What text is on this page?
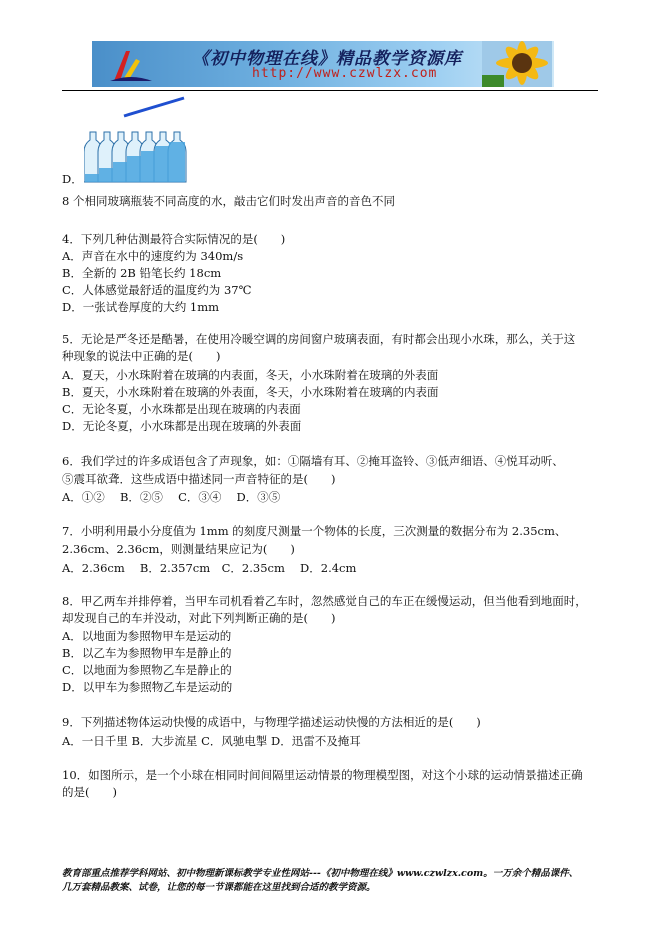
《初中物理在线》精品教学资源库
http://www.czwlzx.com
D．
8 个相同玻璃瓶装不同高度的水，敲击它们时发出声音的音色不同
4．下列几种估测最符合实际情况的是(　　)
A．声音在水中的速度约为 340m/s
B．全新的 2B 铅笔长约 18cm
C．人体感觉最舒适的温度约为 37℃
D．一张试卷厚度的大约 1mm
5．无论是严冬还是酷暑，在使用冷暖空调的房间窗户玻璃表面，有时都会出现小水珠，那么，关于这
种现象的说法中正确的是(　　)
A．夏天，小水珠附着在玻璃的内表面，冬天，小水珠附着在玻璃的外表面
B．夏天，小水珠附着在玻璃的外表面，冬天，小水珠附着在玻璃的内表面
C．无论冬夏，小水珠都是出现在玻璃的内表面
D．无论冬夏，小水珠都是出现在玻璃的外表面
6．我们学过的许多成语包含了声现象，如：①隔墙有耳、②掩耳盗铃、③低声细语、④悦耳动听、
⑤震耳欲聋．这些成语中描述同一声音特征的是(　　)
A．①②　 B．②⑤　 C．③④　 D．③⑤
7．小明利用最小分度值为 1mm 的刻度尺测量一个物体的长度，三次测量的数据分布为 2.35cm、
2.36cm、2.36cm，则测量结果应记为(　　)
A．2.36cm　 B．2.357cm　C．2.35cm　 D．2.4cm
8．甲乙两车并排停着，当甲车司机看着乙车时，忽然感觉自己的车正在缓慢运动，但当他看到地面时，
却发现自己的车并没动，对此下列判断正确的是(　　)
A．以地面为参照物甲车是运动的
B．以乙车为参照物甲车是静止的
C．以地面为参照物乙车是静止的
D．以甲车为参照物乙车是运动的
9．下列描述物体运动快慢的成语中，与物理学描述运动快慢的方法相近的是(　　)
A．一日千里 B．大步流星 C．风驰电掣 D．迅雷不及掩耳
10．如图所示，是一个小球在相同时间间隔里运动情景的物理模型图，对这个小球的运动情景描述正确
的是(　　)
教育部重点推荐学科网站、初中物理新课标教学专业性网站---《初中物理在线》www.czwlzx.com。一万余个精品课件、
几万套精品教案、试卷，让您的每一节课都能在这里找到合适的教学资源。
